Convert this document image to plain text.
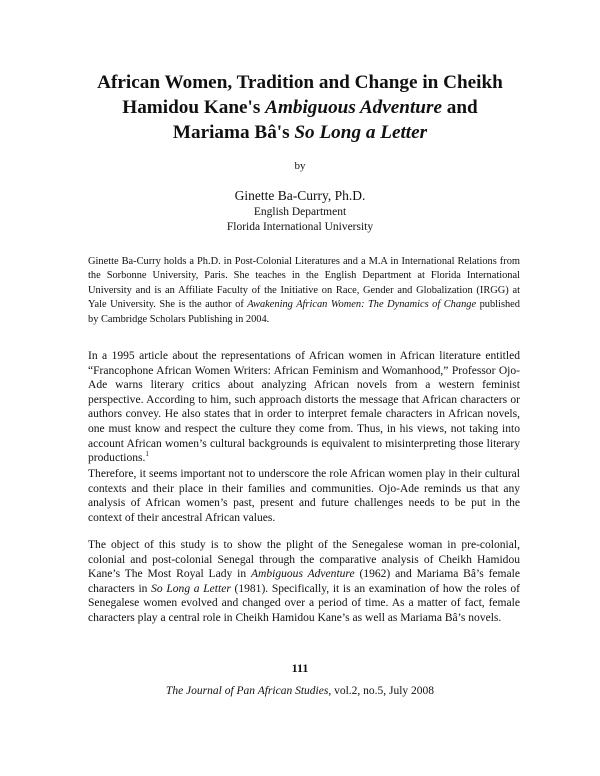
African Women, Tradition and Change in Cheikh
Hamidou Kane's Ambiguous Adventure and
Mariama Bâ's So Long a Letter
by
Ginette Ba-Curry, Ph.D.
English Department
Florida International University

Ginette Ba-Curry holds a Ph.D. in Post-Colonial Literatures and a M.A in International Relations from the Sorbonne University, Paris. She teaches in the English Department at Florida International University and is an Affiliate Faculty of the Initiative on Race, Gender and Globalization (IRGG) at Yale University. She is the author of Awakening African Women: The Dynamics of Change published by Cambridge Scholars Publishing in 2004.

In a 1995 article about the representations of African women in African literature entitled “Francophone African Women Writers: African Feminism and Womanhood,” Professor Ojo-Ade warns literary critics about analyzing African novels from a western feminist perspective. According to him, such approach distorts the message that African characters or authors convey. He also states that in order to interpret female characters in African novels, one must know and respect the culture they come from. Thus, in his views, not taking into account African women’s cultural backgrounds is equivalent to misinterpreting those literary productions.$^1$

Therefore, it seems important not to underscore the role African women play in their cultural contexts and their place in their families and communities. Ojo-Ade reminds us that any analysis of African women’s past, present and future challenges needs to be put in the context of their ancestral African values.

The object of this study is to show the plight of the Senegalese woman in pre-colonial, colonial and post-colonial Senegal through the comparative analysis of Cheikh Hamidou Kane’s The Most Royal Lady in Ambiguous Adventure (1962) and Mariama Bâ’s female characters in So Long a Letter (1981). Specifically, it is an examination of how the roles of Senegalese women evolved and changed over a period of time. As a matter of fact, female characters play a central role in Cheikh Hamidou Kane’s as well as Mariama Bâ’s novels.

111
The Journal of Pan African Studies, vol.2, no.5, July 2008
